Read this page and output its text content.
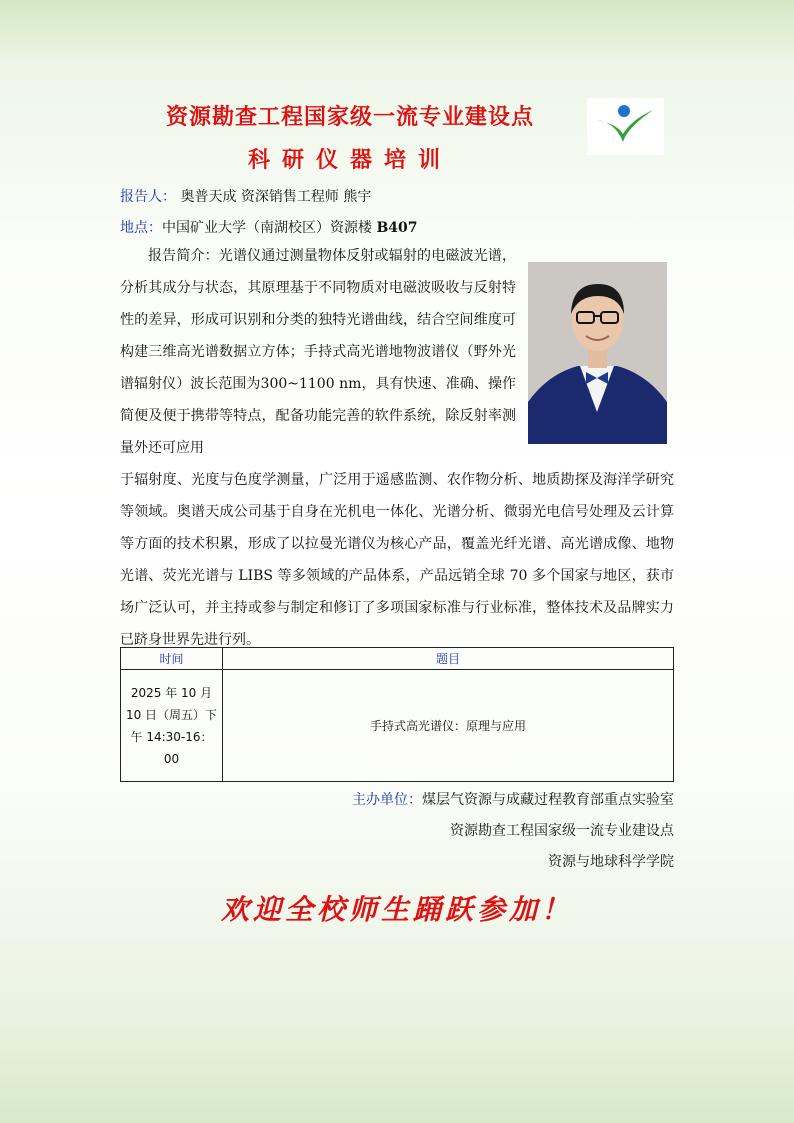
资源勘查工程国家级一流专业建设点
科研仪器培训
报告人： 奥普天成 资深销售工程师 熊宇
地点：中国矿业大学（南湖校区）资源楼 B407
报告简介：光谱仪通过测量物体反射或辐射的电磁波光谱，分析其成分与状态，其原理基于不同物质对电磁波吸收与反射特性的差异，形成可识别和分类的独特光谱曲线，结合空间维度可构建三维高光谱数据立方体；手持式高光谱地物波谱仪（野外光谱辐射仪）波长范围为300~1100 nm，具有快速、准确、操作简便及便于携带等特点，配备功能完善的软件系统，除反射率测量外还可应用
于辐射度、光度与色度学测量，广泛用于遥感监测、农作物分析、地质勘探及海洋学研究等领域。奥谱天成公司基于自身在光机电一体化、光谱分析、微弱光电信号处理及云计算等方面的技术积累，形成了以拉曼光谱仪为核心产品，覆盖光纤光谱、高光谱成像、地物光谱、荧光光谱与 LIBS 等多领域的产品体系，产品远销全球 70 多个国家与地区，获市场广泛认可，并主持或参与制定和修订了多项国家标准与行业标准，整体技术及品牌实力已跻身世界先进行列。
时间	题目
2025 年 10 月 10 日（周五）下午 14:30-16：00	手持式高光谱仪：原理与应用
主办单位：煤层气资源与成藏过程教育部重点实验室
资源勘查工程国家级一流专业建设点
资源与地球科学学院
欢迎全校师生踊跃参加！
